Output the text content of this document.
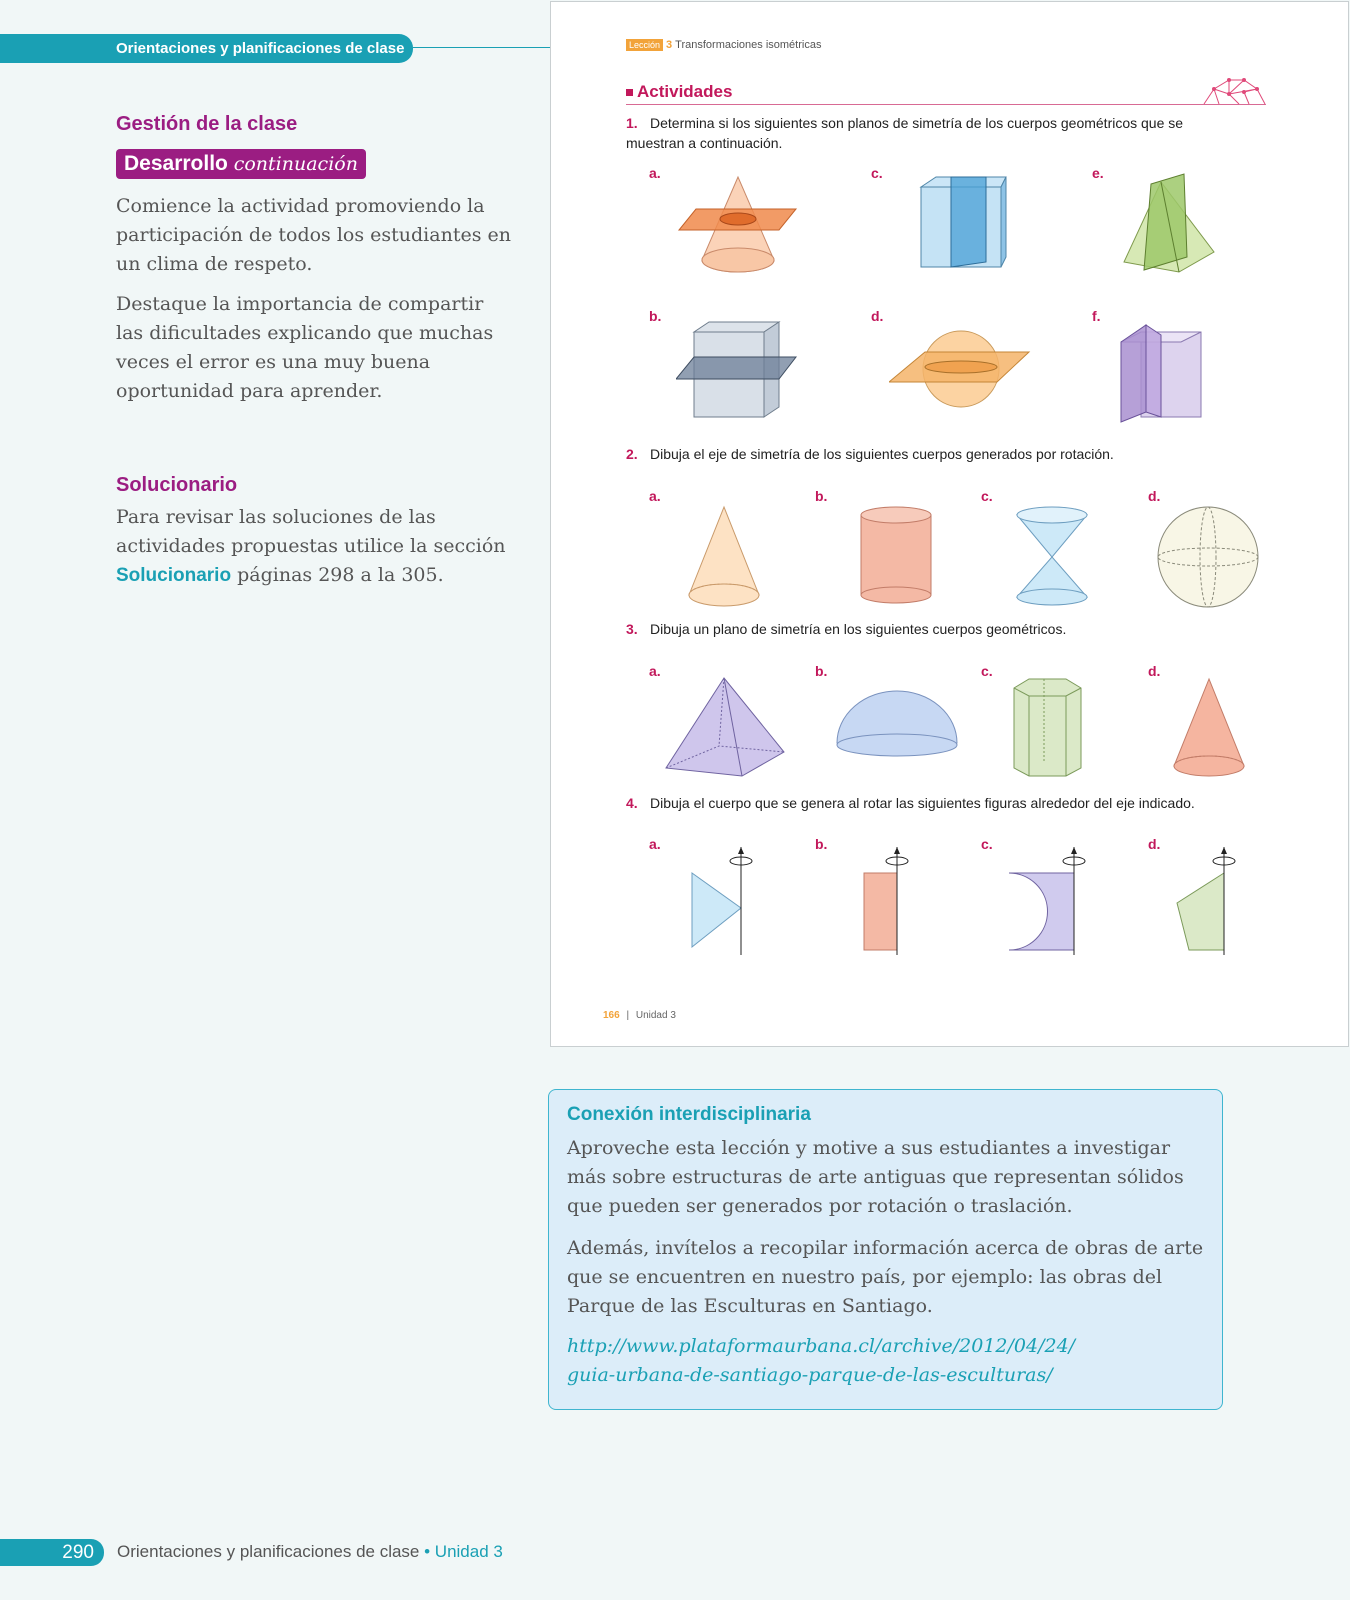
Orientaciones y planificaciones de clase
Gestión de la clase
Desarrollo continuación

Comience la actividad promoviendo la participación de todos los estudiantes en un clima de respeto.

Destaque la importancia de compartir las dificultades explicando que muchas veces el error es una muy buena oportunidad para aprender.

Solucionario

Para revisar las soluciones de las actividades propuestas utilice la sección Solucionario páginas 298 a la 305.

Lección 3 Transformaciones isométricas
Actividades
1. Determina si los siguientes son planos de simetría de los cuerpos geométricos que se muestran a continuación.
a.	c.	e.
b.	d.	f.
2. Dibuja el eje de simetría de los siguientes cuerpos generados por rotación.
a.	b.	c.	d.
3. Dibuja un plano de simetría en los siguientes cuerpos geométricos.
a.	b.	c.	d.
4. Dibuja el cuerpo que se genera al rotar las siguientes figuras alrededor del eje indicado.
a.	b.	c.	d.
166 | Unidad 3
Conexión interdisciplinaria

Aproveche esta lección y motive a sus estudiantes a investigar más sobre estructuras de arte antiguas que representan sólidos que pueden ser generados por rotación o traslación.

Además, invítelos a recopilar información acerca de obras de arte que se encuentren en nuestro país, por ejemplo: las obras del Parque de las Esculturas en Santiago.

http://www.plataformaurbana.cl/archive/2012/04/24/
guia-urbana-de-santiago-parque-de-las-esculturas/
290 Orientaciones y planificaciones de clase • Unidad 3
